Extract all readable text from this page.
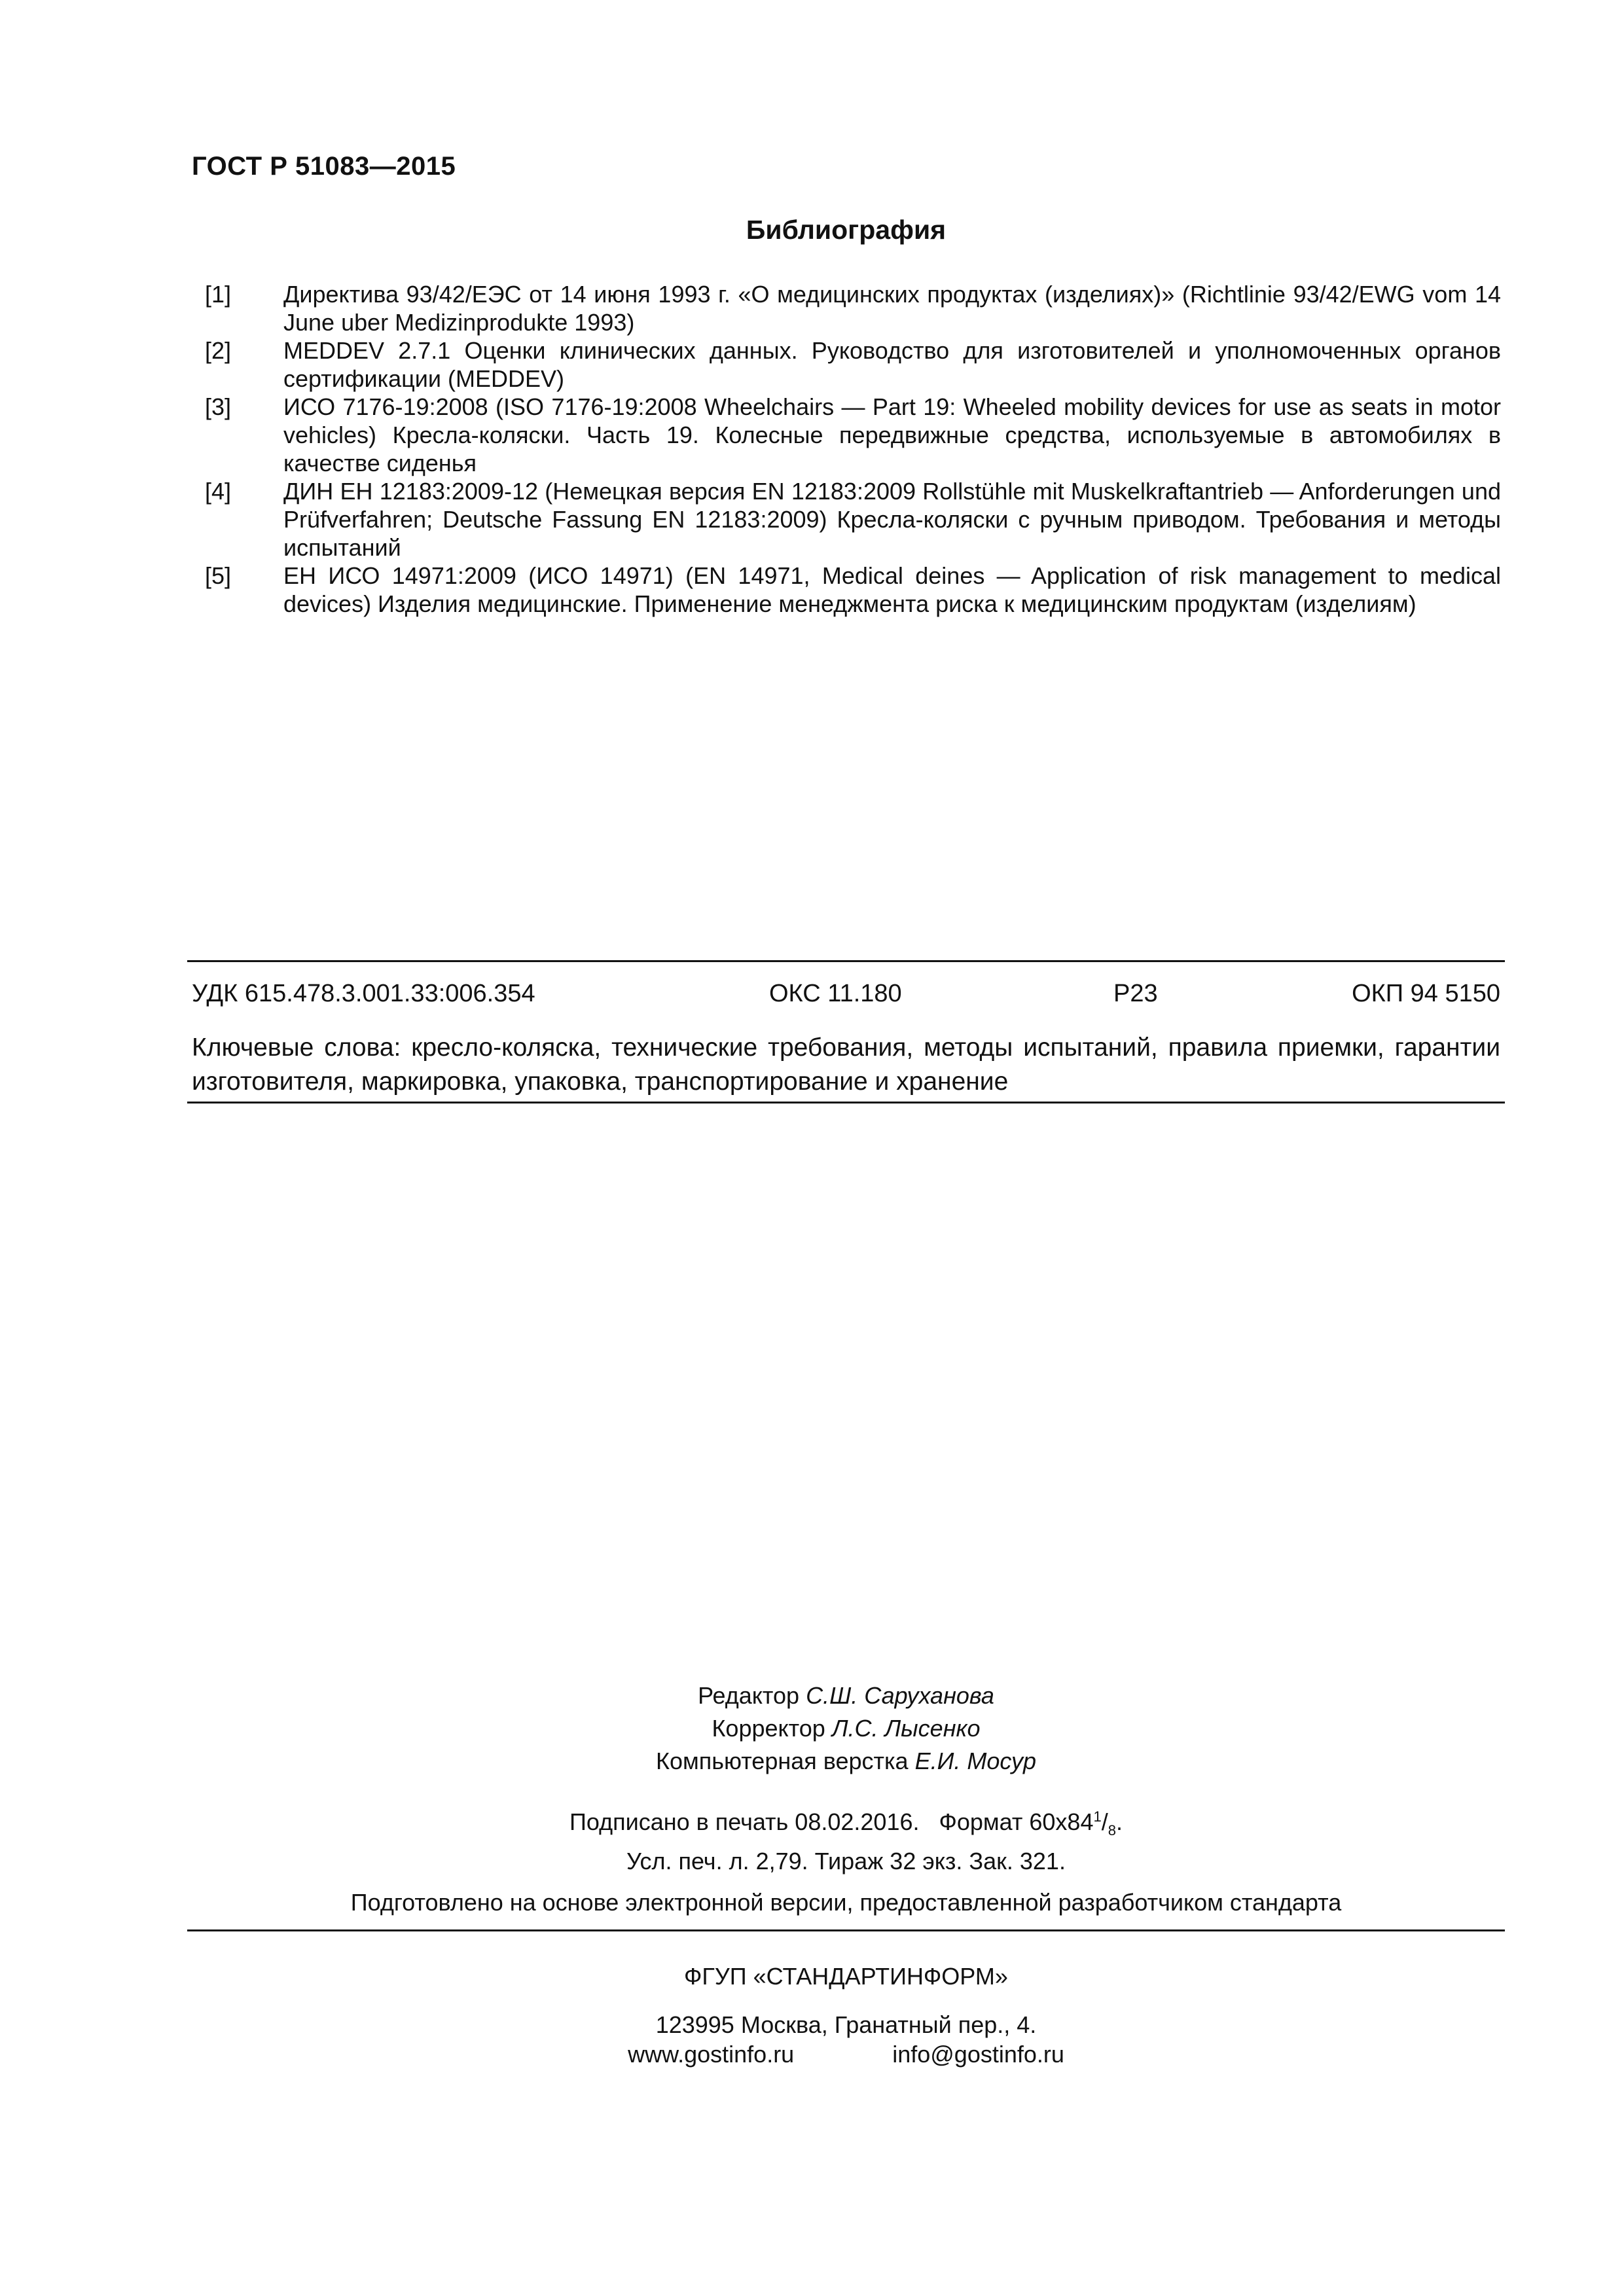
ГОСТ Р 51083—2015
Библиография
[1]	Директива 93/42/ЕЭС от 14 июня 1993 г. «О медицинских продуктах (изделиях)» (Richtlinie 93/42/EWG vom 14 June uber Medizinprodukte 1993)
[2]	MEDDEV 2.7.1 Оценки клинических данных. Руководство для изготовителей и уполномоченных органов сертификации (MEDDEV)
[3]	ИСО 7176-19:2008 (ISO 7176-19:2008 Wheelchairs — Part 19: Wheeled mobility devices for use as seats in motor vehicles) Кресла-коляски. Часть 19. Колесные передвижные средства, используемые в автомобилях в качестве сиденья
[4]	ДИН ЕН 12183:2009-12 (Немецкая версия EN 12183:2009 Rollstühle mit Muskelkraftantrieb — Anforderungen und Prüfverfahren; Deutsche Fassung EN 12183:2009) Кресла-коляски с ручным приводом. Требования и методы испытаний
[5]	ЕН ИСО 14971:2009 (ИСО 14971) (EN 14971, Medical deines — Application of risk management to medical devices) Изделия медицинские. Применение менеджмента риска к медицинским продуктам (изделиям)
УДК 615.478.3.001.33:006.354	ОКС 11.180	Р23	ОКП 94 5150
Ключевые слова: кресло-коляска, технические требования, методы испытаний, правила приемки, гарантии изготовителя, маркировка, упаковка, транспортирование и хранение
Редактор С.Ш. Саруханова
Корректор Л.С. Лысенко
Компьютерная верстка Е.И. Мосур
Подписано в печать 08.02.2016. Формат $60х84^1/_8$.
Усл. печ. л. 2,79. Тираж 32 экз. Зак. 321.
Подготовлено на основе электронной версии, предоставленной разработчиком стандарта
ФГУП «СТАНДАРТИНФОРМ»
123995 Москва, Гранатный пер., 4.
www.gostinfo.ru	info@gostinfo.ru
